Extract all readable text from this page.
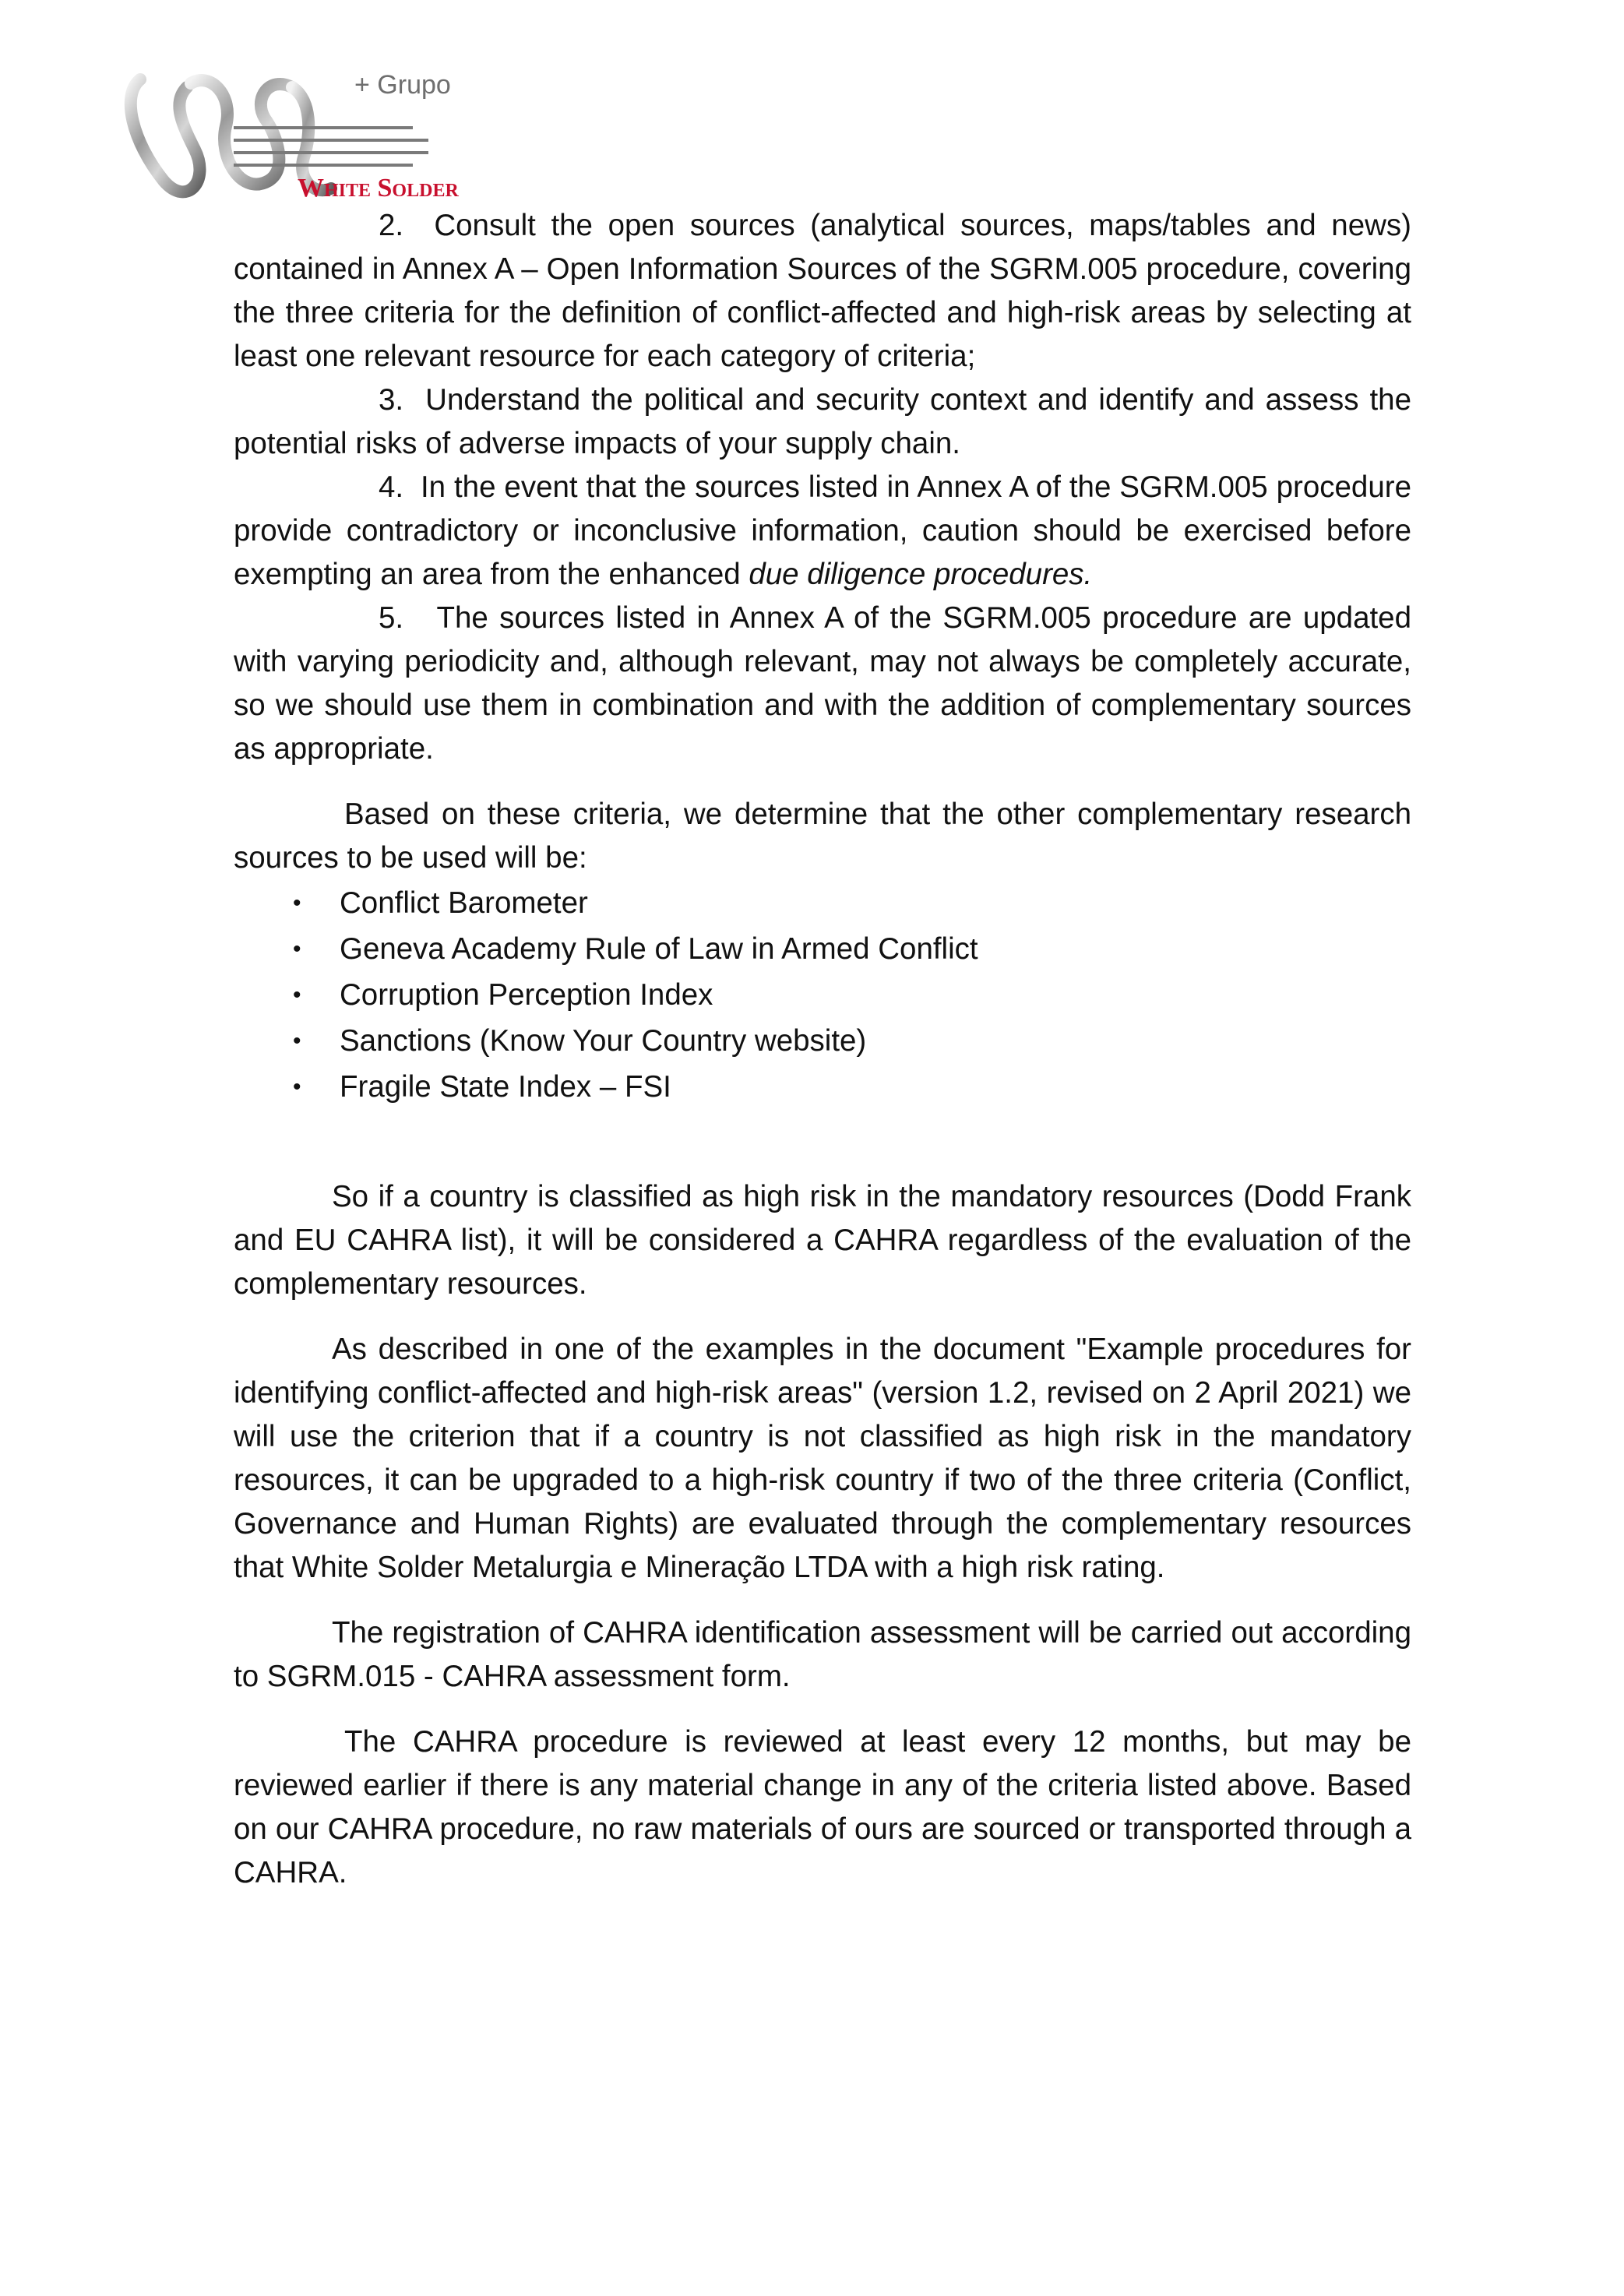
+ Grupo
White Solder

2. Consult the open sources (analytical sources, maps/tables and news) contained in Annex A – Open Information Sources of the SGRM.005 procedure, covering the three criteria for the definition of conflict-affected and high-risk areas by selecting at least one relevant resource for each category of criteria;

3. Understand the political and security context and identify and assess the potential risks of adverse impacts of your supply chain.

4. In the event that the sources listed in Annex A of the SGRM.005 procedure provide contradictory or inconclusive information, caution should be exercised before exempting an area from the enhanced due diligence procedures.

5. The sources listed in Annex A of the SGRM.005 procedure are updated with varying periodicity and, although relevant, may not always be completely accurate, so we should use them in combination and with the addition of complementary sources as appropriate.

Based on these criteria, we determine that the other complementary research sources to be used will be:

• Conflict Barometer
• Geneva Academy Rule of Law in Armed Conflict
• Corruption Perception Index
• Sanctions (Know Your Country website)
• Fragile State Index – FSI

So if a country is classified as high risk in the mandatory resources (Dodd Frank and EU CAHRA list), it will be considered a CAHRA regardless of the evaluation of the complementary resources.

As described in one of the examples in the document "Example procedures for identifying conflict-affected and high-risk areas" (version 1.2, revised on 2 April 2021) we will use the criterion that if a country is not classified as high risk in the mandatory resources, it can be upgraded to a high-risk country if two of the three criteria (Conflict, Governance and Human Rights) are evaluated through the complementary resources that White Solder Metalurgia e Mineração LTDA with a high risk rating.

The registration of CAHRA identification assessment will be carried out according to SGRM.015 - CAHRA assessment form.

The CAHRA procedure is reviewed at least every 12 months, but may be reviewed earlier if there is any material change in any of the criteria listed above. Based on our CAHRA procedure, no raw materials of ours are sourced or transported through a CAHRA.
